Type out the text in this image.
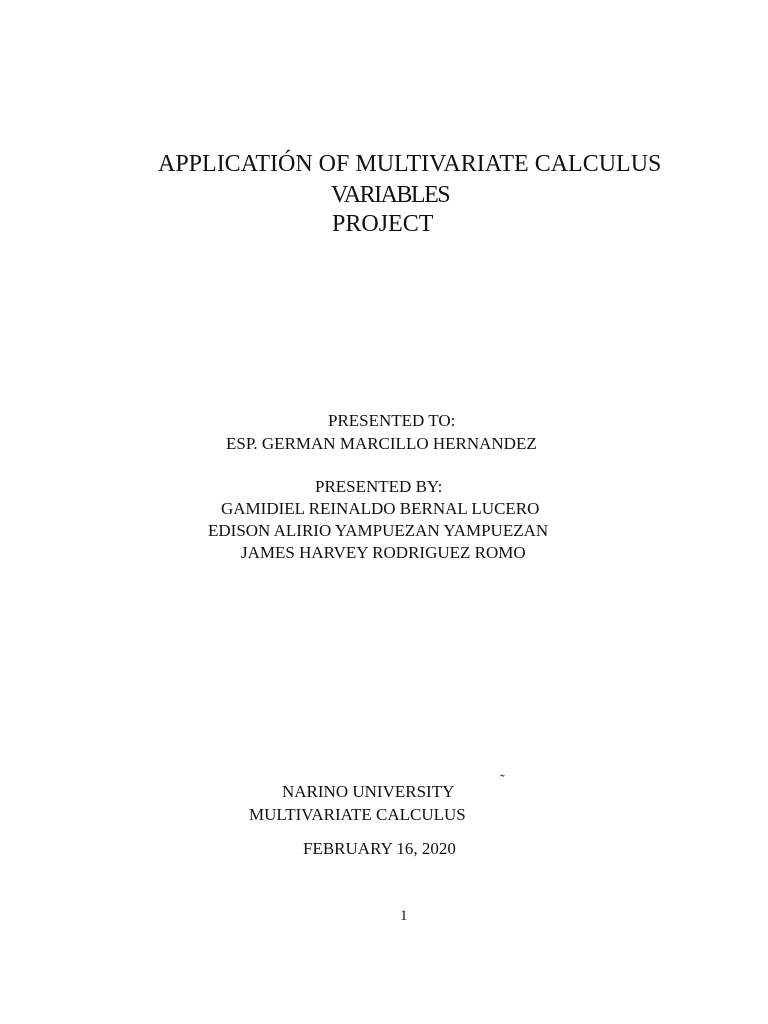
APPLICATIÓN OF MULTIVARIATE CALCULUS
VARIABLES
PROJECT
PRESENTED TO:
ESP. GERMAN MARCILLO HERNANDEZ
PRESENTED BY:
GAMIDIEL REINALDO BERNAL LUCERO
EDISON ALIRIO YAMPUEZAN YAMPUEZAN
JAMES HARVEY RODRIGUEZ ROMO
NARINO UNIVERSITY
˜
MULTIVARIATE CALCULUS
FEBRUARY 16, 2020
1
